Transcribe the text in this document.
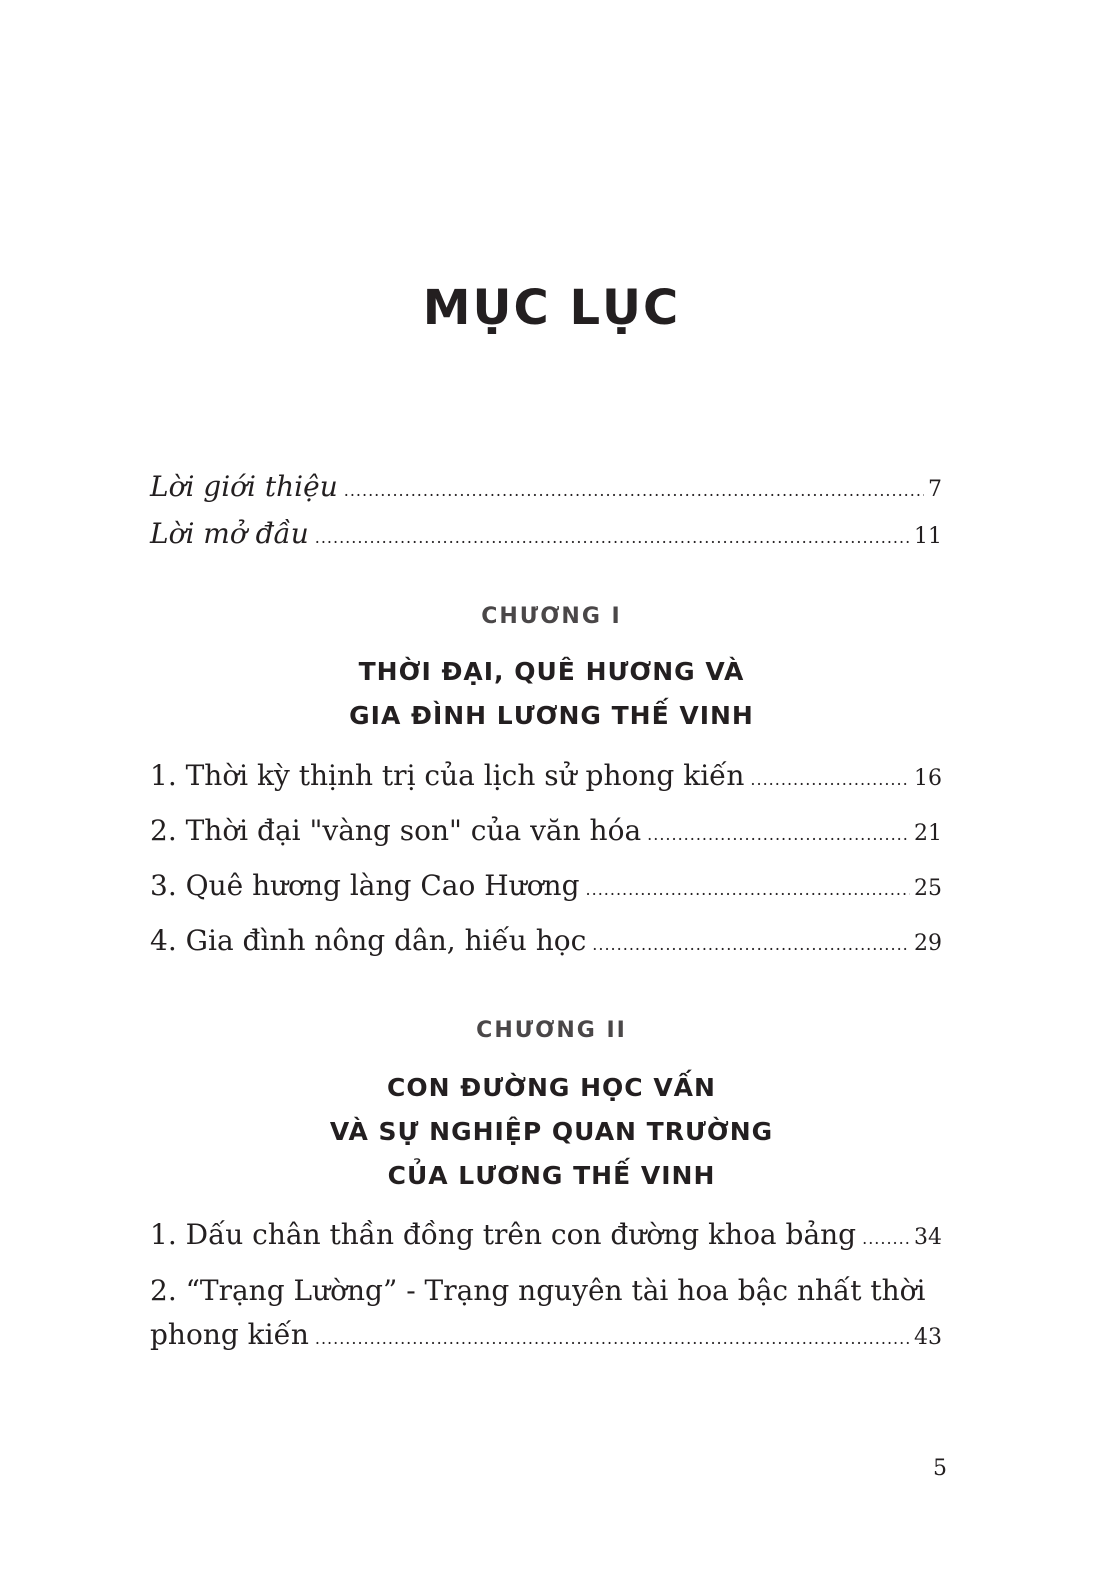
MỤC LỤC
Lời giới thiệu .....	7
Lời mở đầu .....	11
1. Thời kỳ thịnh trị của lịch sử phong kiến .....	16
2. Thời đại "vàng son" của văn hóa .....	21
3. Quê hương làng Cao Hương .....	25
4. Gia đình nông dân, hiếu học .....	29
1. Dấu chân thần đồng trên con đường khoa bảng .....	34
2. “Trạng Lường” - Trạng nguyên tài hoa bậc nhất thời
phong kiến .....	43
CHƯƠNG I
THỜI ĐẠI, QUÊ HƯƠNG VÀ
GIA ĐÌNH LƯƠNG THẾ VINH
CHƯƠNG II
CON ĐƯỜNG HỌC VẤN
VÀ SỰ NGHIỆP QUAN TRƯỜNG
CỦA LƯƠNG THẾ VINH
5
